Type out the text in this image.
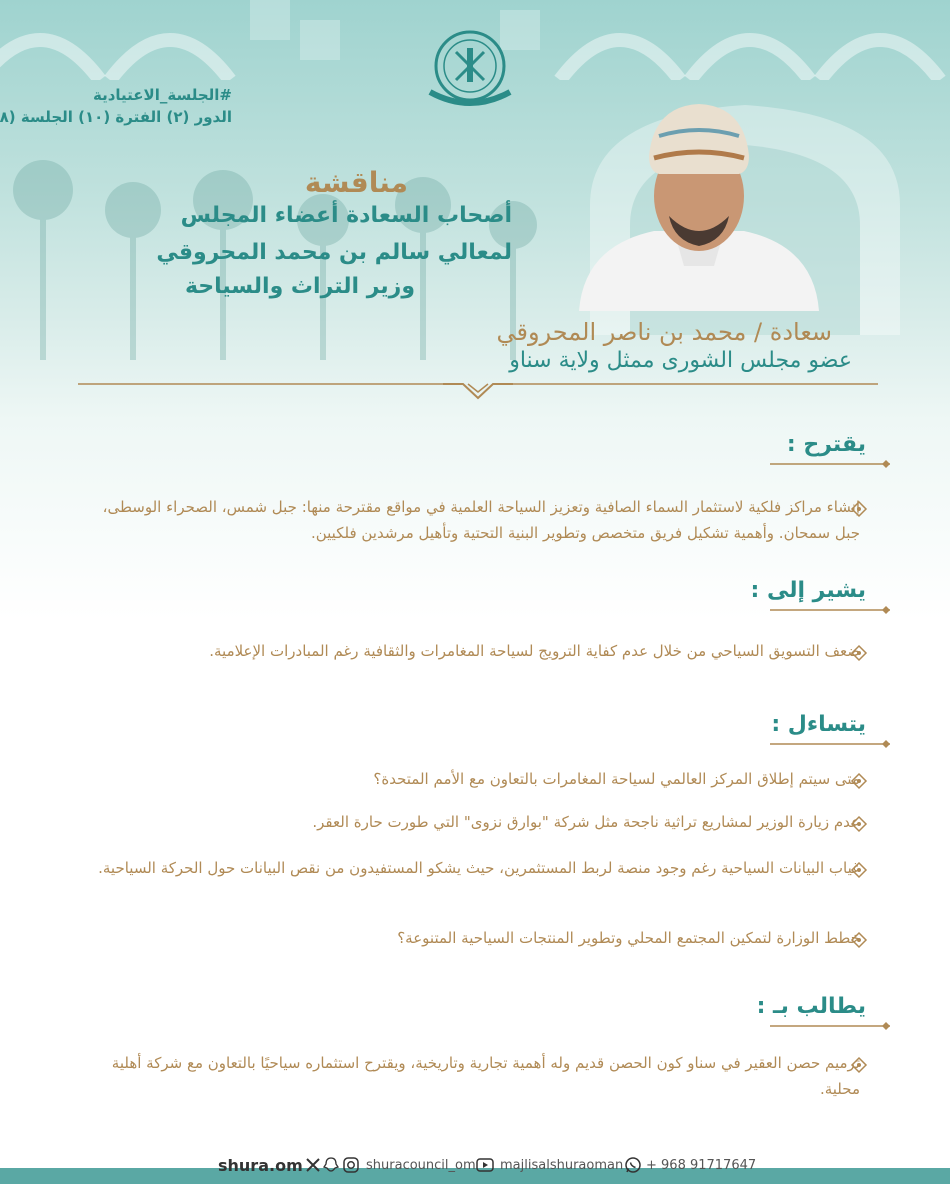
#الجلسة_الاعتيادية
الدور (٢) الفترة (١٠) الجلسة (٨
مناقشة
أصحاب السعادة أعضاء المجلس
لمعالي سالم بن محمد المحروقي
وزير التراث والسياحة
سعادة / محمد بن ناصر المحروقي
عضو مجلس الشورى ممثل ولاية سناو
يقترح :
إنشاء مراكز فلكية لاستثمار السماء الصافية وتعزيز السياحة العلمية في مواقع مقترحة منها: جبل شمس، الصحراء الوسطى، جبل سمحان. وأهمية تشكيل فريق متخصص وتطوير البنية التحتية وتأهيل مرشدين فلكيين.
يشير إلى :
ضعف التسويق السياحي من خلال عدم كفاية الترويج لسياحة المغامرات والثقافية رغم المبادرات الإعلامية.
يتساءل :
متى سيتم إطلاق المركز العالمي لسياحة المغامرات بالتعاون مع الأمم المتحدة؟
عدم زيارة الوزير لمشاريع تراثية ناجحة مثل شركة "بوارق نزوى" التي طورت حارة العقر.
غياب البيانات السياحية رغم وجود منصة لربط المستثمرين، حيث يشكو المستفيدون من نقص البيانات حول الحركة السياحية.
خطط الوزارة لتمكين المجتمع المحلي وتطوير المنتجات السياحية المتنوعة؟
يطالب بـ :
ترميم حصن العقير في سناو كون الحصن قديم وله أهمية تجارية وتاريخية، ويقترح استثماره سياحيًا بالتعاون مع شركة أهلية محلية.
shura.om	shuracouncil_om majlisalshuraoman + 968 91717647
